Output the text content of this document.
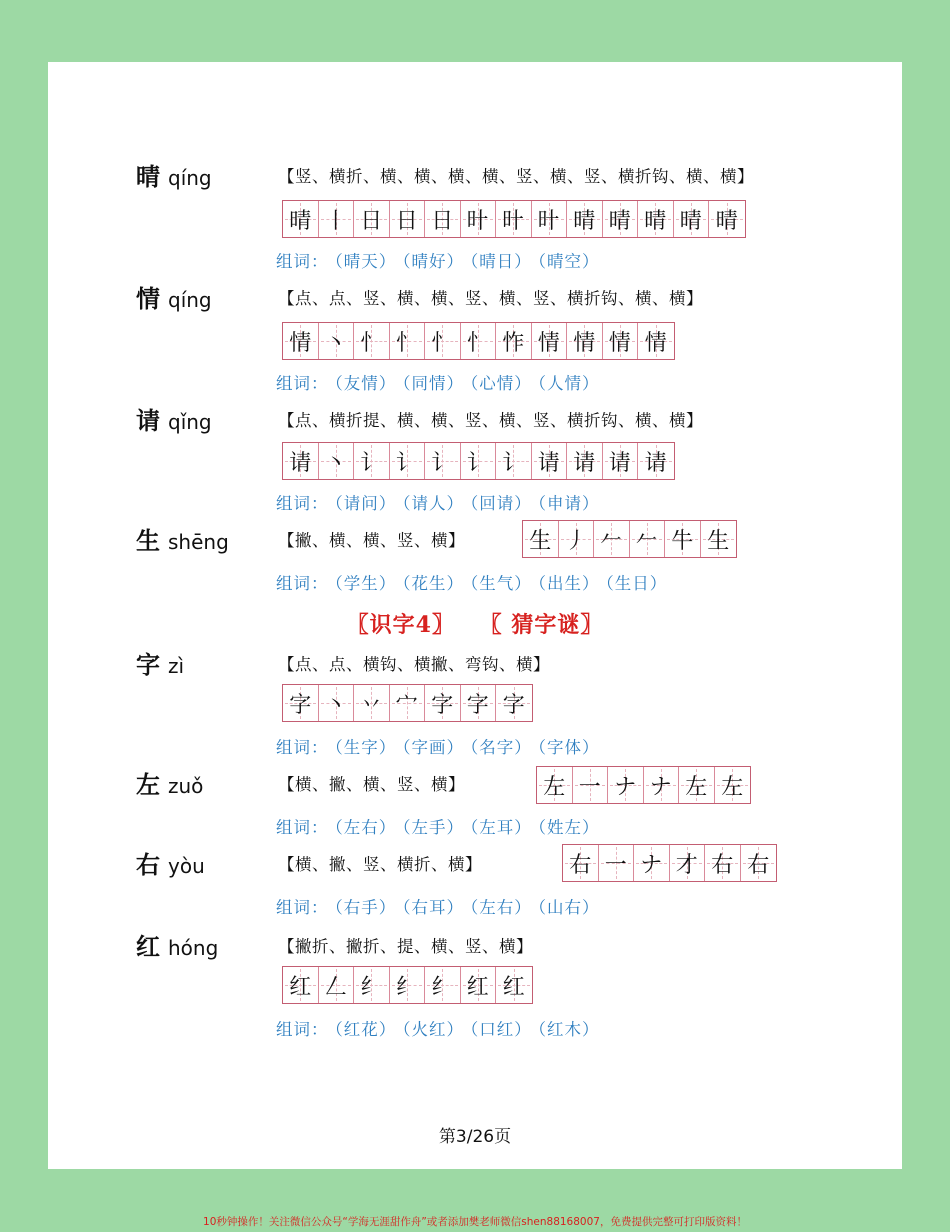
晴 qíng	【竖、横折、横、横、横、横、竖、横、竖、横折钩、横、横】
晴 丨 日 日 日 旪 旪 旪 晴 晴 晴 晴 晴
组词： （晴天） （晴好） （晴日） （晴空）
情 qíng	【点、点、竖、横、横、竖、横、竖、横折钩、横、横】
情 丶 忄 忄 忄 忄 怍 情 情 情 情
组词： （友情） （同情） （心情） （人情）
请 qǐng	【点、横折提、横、横、竖、横、竖、横折钩、横、横】
请 丶 讠 讠 讠 讠 讠 请 请 请 请
组词： （请问） （请人） （回请） （申请）
生 shēng	【撇、横、横、竖、横】	生 丿 𠂉 𠂉 牛 生
组词： （学生） （花生） （生气） （出生） （生日）
字 zì	【点、点、横钩、横撇、弯钩、横】
字 丶 丷 宀 字 字 字
组词： （生字） （字画） （名字） （字体）
左 zuǒ	【横、撇、横、竖、横】	左 一 ナ ナ 左 左
组词： （左右） （左手） （左耳） （姓左）
右 yòu	【横、撇、竖、横折、横】	右 一 ナ 才 右 右
组词： （右手） （右耳） （左右） （山右）
红 hóng	【撇折、撇折、提、横、竖、横】
红 𠃋 纟 纟 纟 红 红
组词： （红花） （火红） （口红） （红木）
〖识字4〗 〖 猜字谜〗
第3/26页
10秒钟操作！关注微信公众号“学海无涯甜作舟”或者添加樊老师微信shen88168007，免费提供完整可打印版资料！
